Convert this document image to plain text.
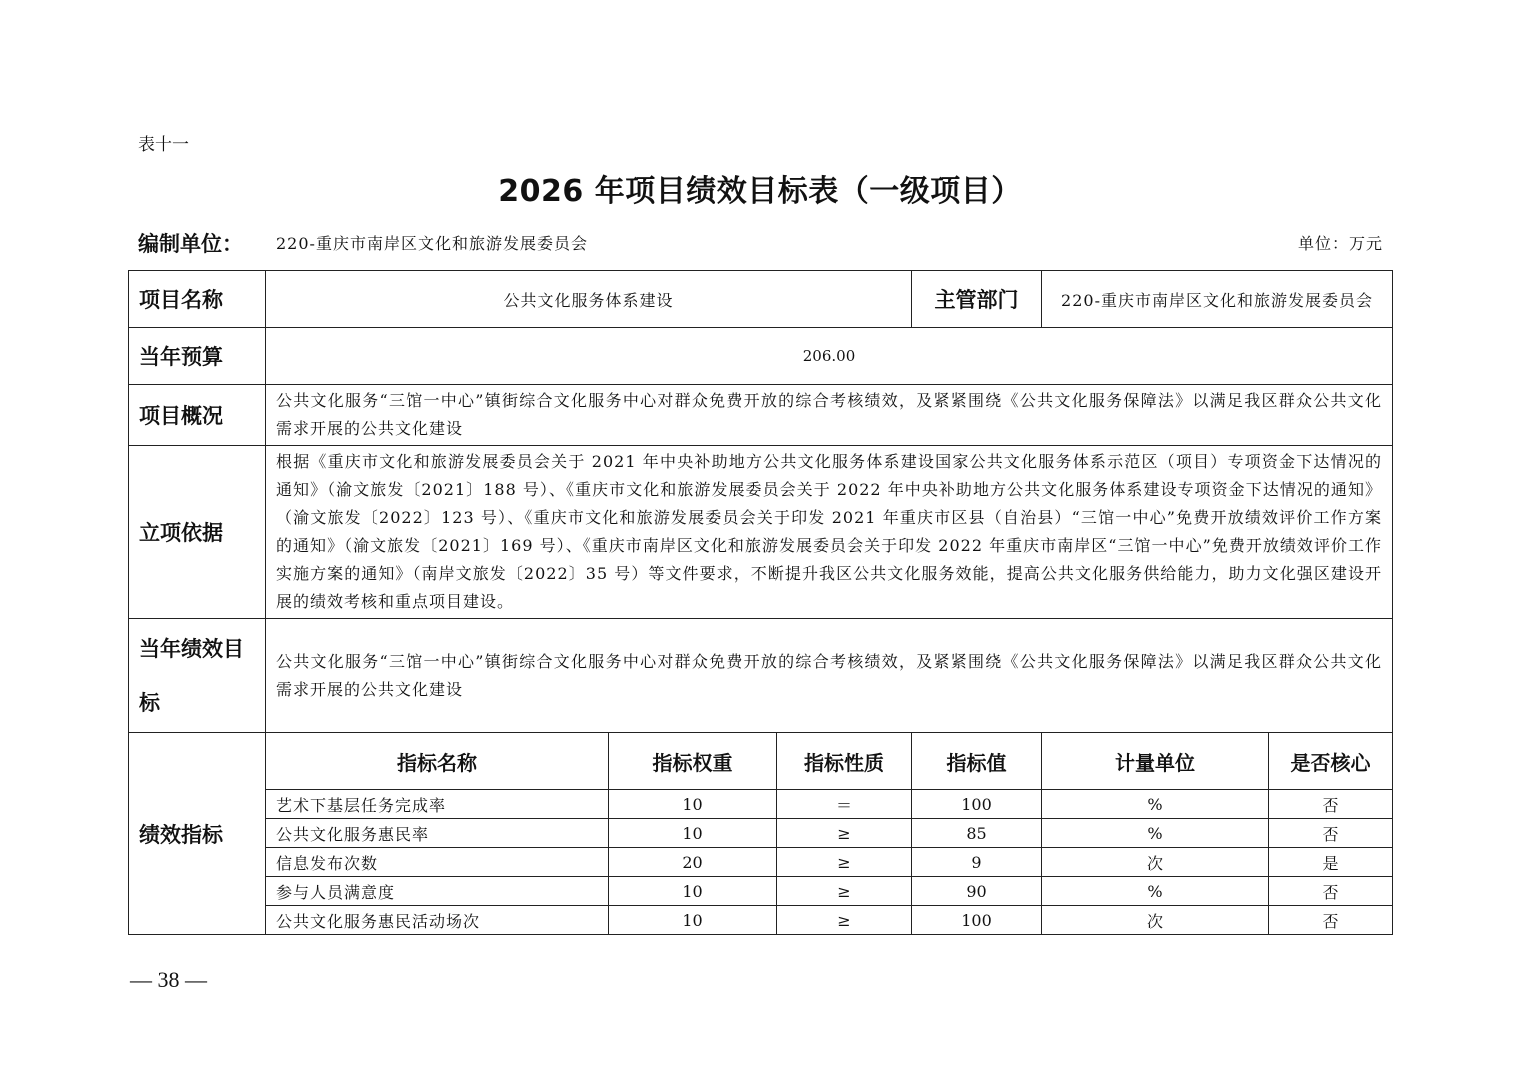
表十一
2026 年项目绩效目标表（一级项目）
编制单位： 220-重庆市南岸区文化和旅游发展委员会	单位：万元
项目名称	公共文化服务体系建设			主管部门	220-重庆市南岸区文化和旅游发展委员会	
当年预算	206.00					
项目概况	公共文化服务“三馆一中心”镇街综合文化服务中心对群众免费开放的综合考核绩效，及紧紧围绕《公共文化服务保障法》以满足我区群众公共文化需求开展的公共文化建设					
立项依据	根据《重庆市文化和旅游发展委员会关于 2021 年中央补助地方公共文化服务体系建设国家公共文化服务体系示范区（项目）专项资金下达情况的通知》（渝文旅发〔2021〕188 号）、《重庆市文化和旅游发展委员会关于 2022 年中央补助地方公共文化服务体系建设专项资金下达情况的通知》（渝文旅发〔2022〕123 号）、《重庆市文化和旅游发展委员会关于印发 2021 年重庆市区县（自治县）“三馆一中心”免费开放绩效评价工作方案的通知》（渝文旅发〔2021〕169 号）、《重庆市南岸区文化和旅游发展委员会关于印发 2022 年重庆市南岸区“三馆一中心”免费开放绩效评价工作实施方案的通知》（南岸文旅发〔2022〕35 号）等文件要求，不断提升我区公共文化服务效能，提高公共文化服务供给能力，助力文化强区建设开展的绩效考核和重点项目建设。					
当年绩效目标	公共文化服务“三馆一中心”镇街综合文化服务中心对群众免费开放的综合考核绩效，及紧紧围绕《公共文化服务保障法》以满足我区群众公共文化需求开展的公共文化建设					
绩效指标	指标名称	指标权重	指标性质	指标值	计量单位	是否核心
	艺术下基层任务完成率	10	＝	100	%	否
	公共文化服务惠民率	10	≥	85	%	否
	信息发布次数	20	≥	9	次	是
	参与人员满意度	10	≥	90	%	否
	公共文化服务惠民活动场次	10	≥	100	次	否
— 38 —
